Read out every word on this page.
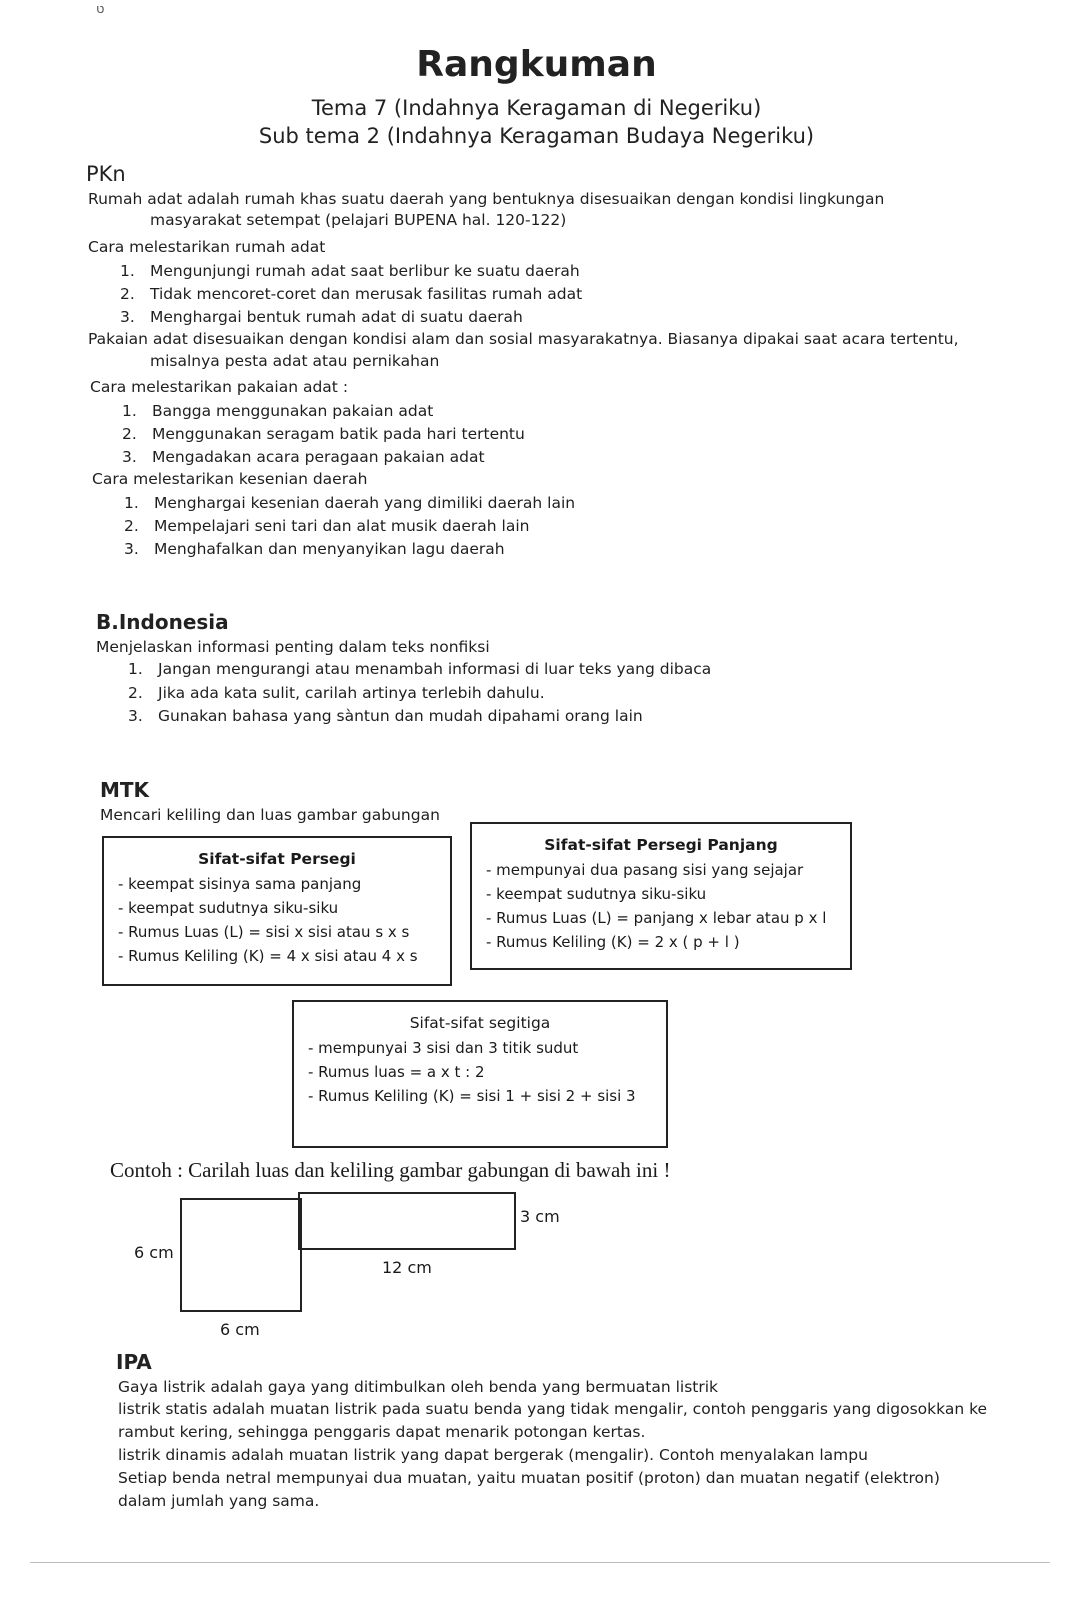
ט
Rangkuman
Tema 7 (Indahnya Keragaman di Negeriku)
Sub tema 2 (Indahnya Keragaman Budaya Negeriku)
PKn
Rumah adat adalah rumah khas suatu daerah yang bentuknya disesuaikan dengan kondisi lingkungan
masyarakat setempat (pelajari BUPENA hal. 120-122)
Cara melestarikan rumah adat
1. Mengunjungi rumah adat saat berlibur ke suatu daerah
2. Tidak mencoret-coret dan merusak fasilitas rumah adat
3. Menghargai bentuk rumah adat di suatu daerah
Pakaian adat disesuaikan dengan kondisi alam dan sosial masyarakatnya. Biasanya dipakai saat acara tertentu,
misalnya pesta adat atau pernikahan
Cara melestarikan pakaian adat :
1. Bangga menggunakan pakaian adat
2. Menggunakan seragam batik pada hari tertentu
3. Mengadakan acara peragaan pakaian adat
Cara melestarikan kesenian daerah
1. Menghargai kesenian daerah yang dimiliki daerah lain
2. Mempelajari seni tari dan alat musik daerah lain
3. Menghafalkan dan menyanyikan lagu daerah
B.Indonesia
Menjelaskan informasi penting dalam teks nonfiksi
1. Jangan mengurangi atau menambah informasi di luar teks yang dibaca
2. Jika ada kata sulit, carilah artinya terlebih dahulu.
3. Gunakan bahasa yang sàntun dan mudah dipahami orang lain
MTK
Mencari keliling dan luas gambar gabungan
Sifat-sifat Persegi
- keempat sisinya sama panjang
- keempat sudutnya siku-siku
- Rumus Luas (L) = sisi x sisi atau s x s
- Rumus Keliling (K) = 4 x sisi atau 4 x s
Sifat-sifat Persegi Panjang
- mempunyai dua pasang sisi yang sejajar
- keempat sudutnya siku-siku
- Rumus Luas (L) = panjang x lebar atau p x l
- Rumus Keliling (K) = 2 x ( p + l )
Sifat-sifat segitiga
- mempunyai 3 sisi dan 3 titik sudut
- Rumus luas = a x t : 2
- Rumus Keliling (K) = sisi 1 + sisi 2 + sisi 3
Contoh : Carilah luas dan keliling gambar gabungan di bawah ini !
6 cm
6 cm
3 cm
12 cm
IPA
Gaya listrik adalah gaya yang ditimbulkan oleh benda yang bermuatan listrik
listrik statis adalah muatan listrik pada suatu benda yang tidak mengalir, contoh penggaris yang digosokkan ke
rambut kering, sehingga penggaris dapat menarik potongan kertas.
listrik dinamis adalah muatan listrik yang dapat bergerak (mengalir). Contoh menyalakan lampu
Setiap benda netral mempunyai dua muatan, yaitu muatan positif (proton) dan muatan negatif (elektron)
dalam jumlah yang sama.
